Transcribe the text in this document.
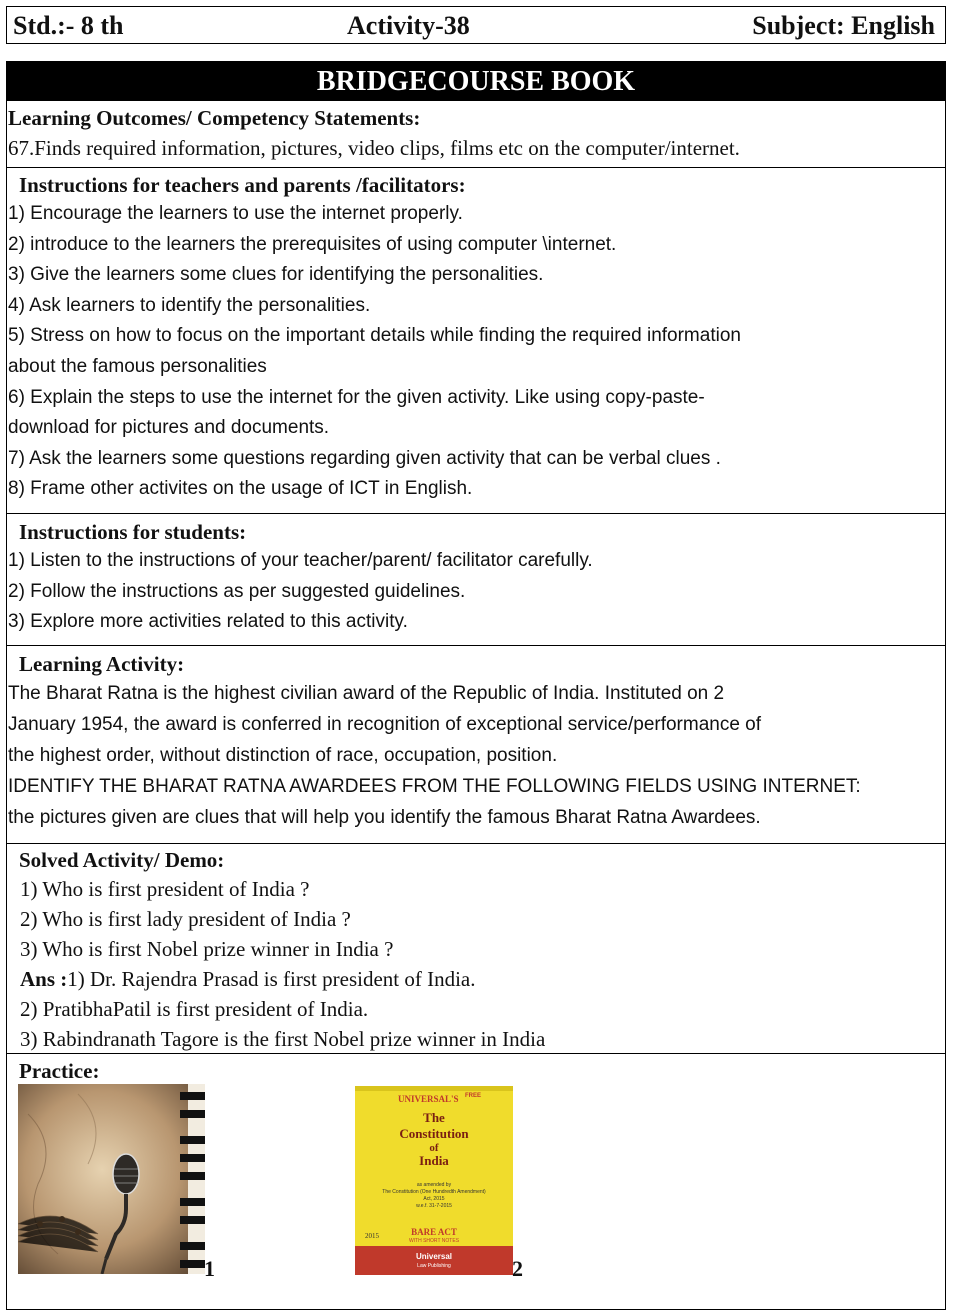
Std.:- 8 th	Activity-38	Subject: English
BRIDGECOURSE BOOK
Learning Outcomes/ Competency Statements:
67.Finds required information, pictures, video clips, films etc on the computer/internet.
Instructions for teachers and parents /facilitators:
1) Encourage the learners to use the internet properly.
2) introduce to the learners the prerequisites of using computer \internet.
3) Give the learners some clues for identifying the personalities.
4) Ask learners to identify the personalities.
5) Stress on how to focus on the important details while finding the required information
about the famous personalities
6) Explain the steps to use the internet for the given activity. Like using copy-paste-
download for pictures and documents.
7) Ask the learners some questions regarding given activity that can be verbal clues .
8) Frame other activites on the usage of ICT in English.
Instructions for students:
1) Listen to the instructions of your teacher/parent/ facilitator carefully.
2) Follow the instructions as per suggested guidelines.
3) Explore more activities related to this activity.
Learning Activity:
The Bharat Ratna is the highest civilian award of the Republic of India. Instituted on 2
January 1954, the award is conferred in recognition of exceptional service/performance of
the highest order, without distinction of race, occupation, position.
IDENTIFY THE BHARAT RATNA AWARDEES FROM THE FOLLOWING FIELDS USING INTERNET:
the pictures given are clues that will help you identify the famous Bharat Ratna Awardees.
Solved Activity/ Demo:
1) Who is first president of India ?
2) Who is first lady president of India ?
3) Who is first Nobel prize winner in India ?
Ans :1) Dr. Rajendra Prasad is first president of India.
2) PratibhaPatil is first president of India.
3) Rabindranath Tagore is the first Nobel prize winner in India
Practice:
1
UNIVERSAL'S FREE
The
Constitution
of
India
as amended by
The Constitution (One Hundredth Amendment)
Act, 2015
w.e.f. 31-7-2015
2015	BARE ACT
WITH SHORT NOTES
Universal
Law Publishing	2
